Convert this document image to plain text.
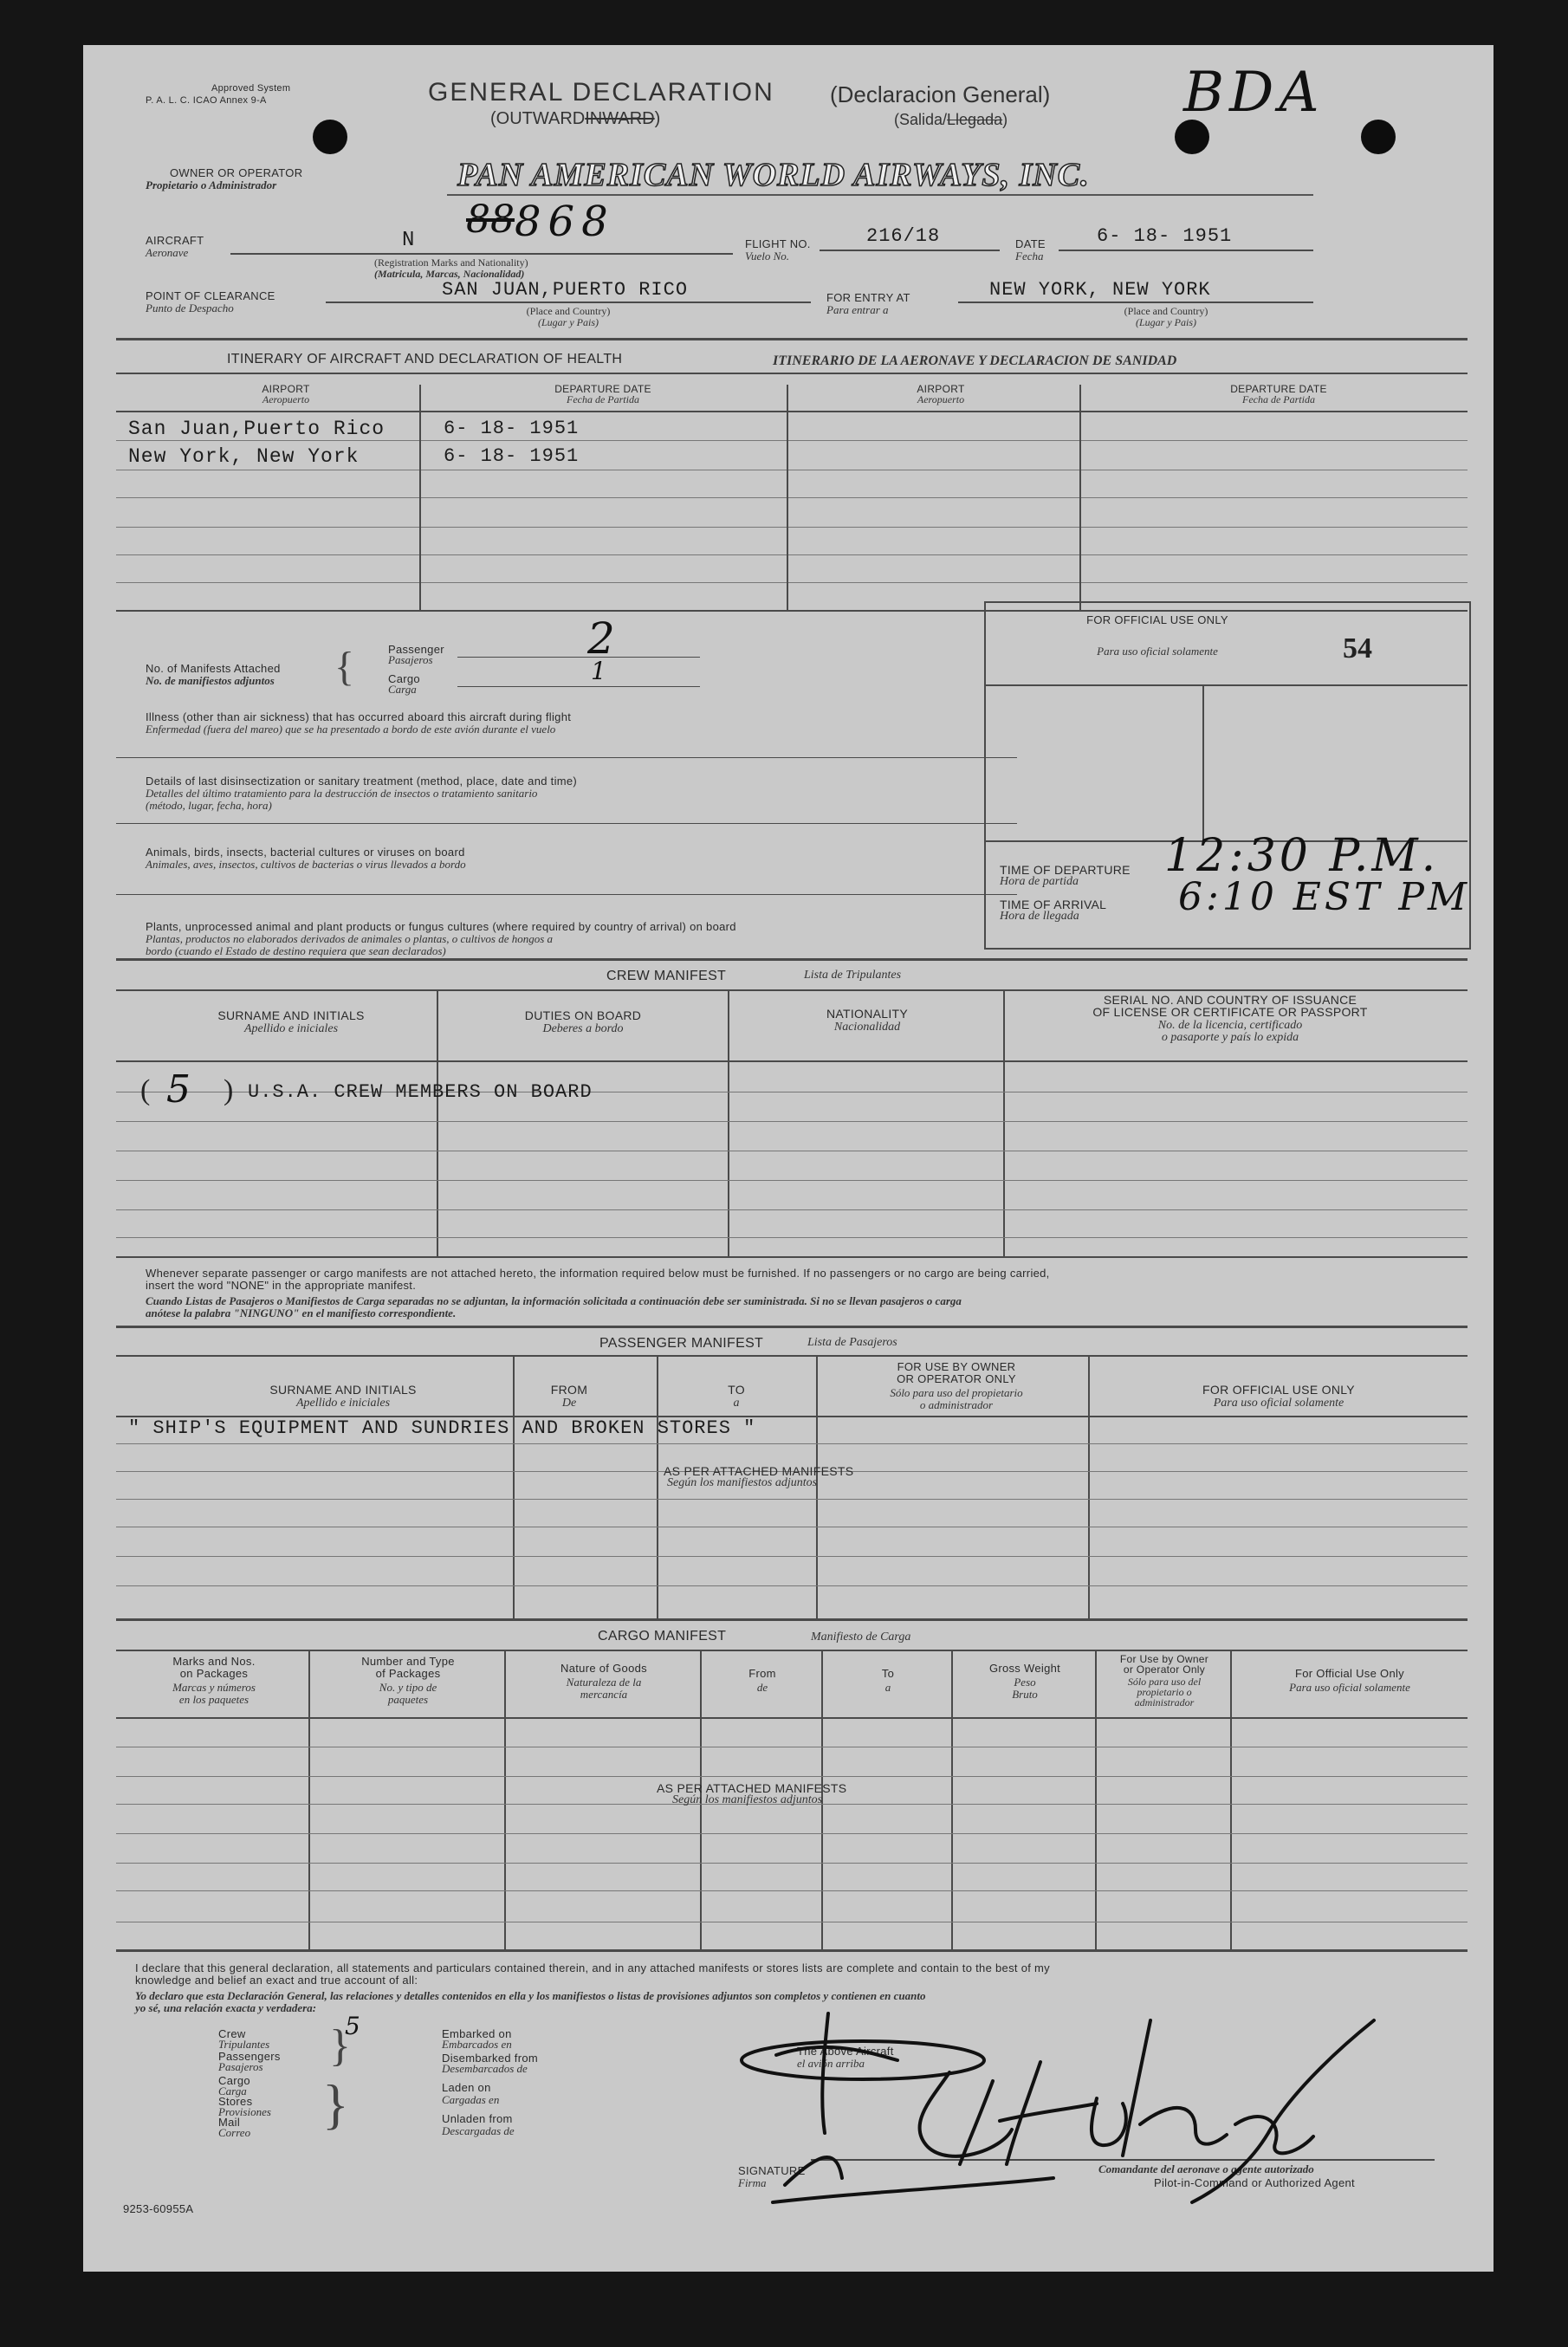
Approved System
P. A. L. C. ICAO Annex 9-A	GENERAL DECLARATION (Declaracion General)
(OUTWARDINWARD)	(Salida/Llegada)	BDA
OWNER OR OPERATOR
Propietario o Administrador	PAN AMERICAN WORLD AIRWAYS, INC.
AIRCRAFT
Aeronave
N 88 868
(Registration Marks and Nationality)
(Matricula, Marcas, Nacionalidad)
FLIGHT NO.
Vuelo No.
216/18	DATE
Fecha
6- 18- 1951
POINT OF CLEARANCE
Punto de Despacho
SAN JUAN,PUERTO RICO
(Place and Country)
(Lugar y Pais)
FOR ENTRY AT
Para entrar a
NEW YORK, NEW YORK
(Place and Country)
(Lugar y Pais)
ITINERARY OF AIRCRAFT AND DECLARATION OF HEALTH	ITINERARIO DE LA AERONAVE Y DECLARACION DE SANIDAD
AIRPORT
Aeropuerto
DEPARTURE DATE
Fecha de Partida
AIRPORT
Aeropuerto
DEPARTURE DATE
Fecha de Partida
San Juan,Puerto Rico	6- 18- 1951
New York, New York	6- 18- 1951
No. of Manifests Attached
No. de manifiestos adjuntos {	Passenger
Pasajeros
Cargo
Carga
2
1
Illness (other than air sickness) that has occurred aboard this aircraft during flight
Enfermedad (fuera del mareo) que se ha presentado a bordo de este avión durante el vuelo
Details of last disinsectization or sanitary treatment (method, place, date and time)
Detalles del último tratamiento para la destrucción de insectos o tratamiento sanitario
(método, lugar, fecha, hora)
Animals, birds, insects, bacterial cultures or viruses on board
Animales, aves, insectos, cultivos de bacterias o virus llevados a bordo
Plants, unprocessed animal and plant products or fungus cultures (where required by country of arrival) on board
Plantas, productos no elaborados derivados de animales o plantas, o cultivos de hongos a
bordo (cuando el Estado de destino requiera que sean declarados)
FOR OFFICIAL USE ONLY
Para uso oficial solamente	54
TIME OF DEPARTURE
Hora de partida 12:30 P.M.
TIME OF ARRIVAL
Hora de llegada	6:10 EST PM
CREW MANIFEST	Lista de Tripulantes
SURNAME AND INITIALS
Apellido e iniciales
DUTIES ON BOARD
Deberes a bordo
NATIONALITY
Nacionalidad
SERIAL NO. AND COUNTRY OF ISSUANCE
OF LICENSE OR CERTIFICATE OR PASSPORT
No. de la licencia, certificado
o pasaporte y país lo expida
( 5 ) U.S.A. CREW MEMBERS ON BOARD
Whenever separate passenger or cargo manifests are not attached hereto, the information required below must be furnished. If no passengers or no cargo are being carried,
insert the word "NONE" in the appropriate manifest.
Cuando Listas de Pasajeros o Manifiestos de Carga separadas no se adjuntan, la información solicitada a continuación debe ser suministrada. Si no se llevan pasajeros o carga
anótese la palabra "NINGUNO" en el manifiesto correspondiente.
PASSENGER MANIFEST	Lista de Pasajeros
SURNAME AND INITIALS
Apellido e iniciales
FROM
De
TO
a
FOR USE BY OWNER
OR OPERATOR ONLY
Sólo para uso del propietario
o administrador
FOR OFFICIAL USE ONLY
Para uso oficial solamente
" SHIP'S EQUIPMENT AND SUNDRIES AND BROKEN STORES "
AS PER ATTACHED MANIFESTS
Según los manifiestos adjuntos
CARGO MANIFEST	Manifiesto de Carga
Marks and Nos.
on Packages
Marcas y números
en los paquetes
Number and Type
of Packages
No. y tipo de
paquetes
Nature of Goods
Naturaleza de la
mercancía
From
de
To
a
Gross Weight
Peso
Bruto
For Use by Owner
or Operator Only
Sólo para uso del
propietario o
administrador
For Official Use Only
Para uso oficial solamente
AS PER ATTACHED MANIFESTS
Según los manifiestos adjuntos
I declare that this general declaration, all statements and particulars contained therein, and in any attached manifests or stores lists are complete and contain to the best of my
knowledge and belief an exact and true account of all:
Yo declaro que esta Declaración General, las relaciones y detalles contenidos en ella y los manifiestos o listas de provisiones adjuntos son completos y contienen en cuanto
yo sé, una relación exacta y verdadera:
Crew
Tripulantes
Passengers
Pasajeros }
5	Embarked on
Embarcados en
Disembarked from
Desembarcados de
Cargo
Carga
Stores
Provisiones
Mail
Correo }	Laden on
Cargadas en
Unladen from
Descargadas de
The Above Aircraft
el avión arriba
SIGNATURE
Firma
Comandante del aeronave o agente autorizado
Pilot-in-Command or Authorized Agent
9253-60955A
